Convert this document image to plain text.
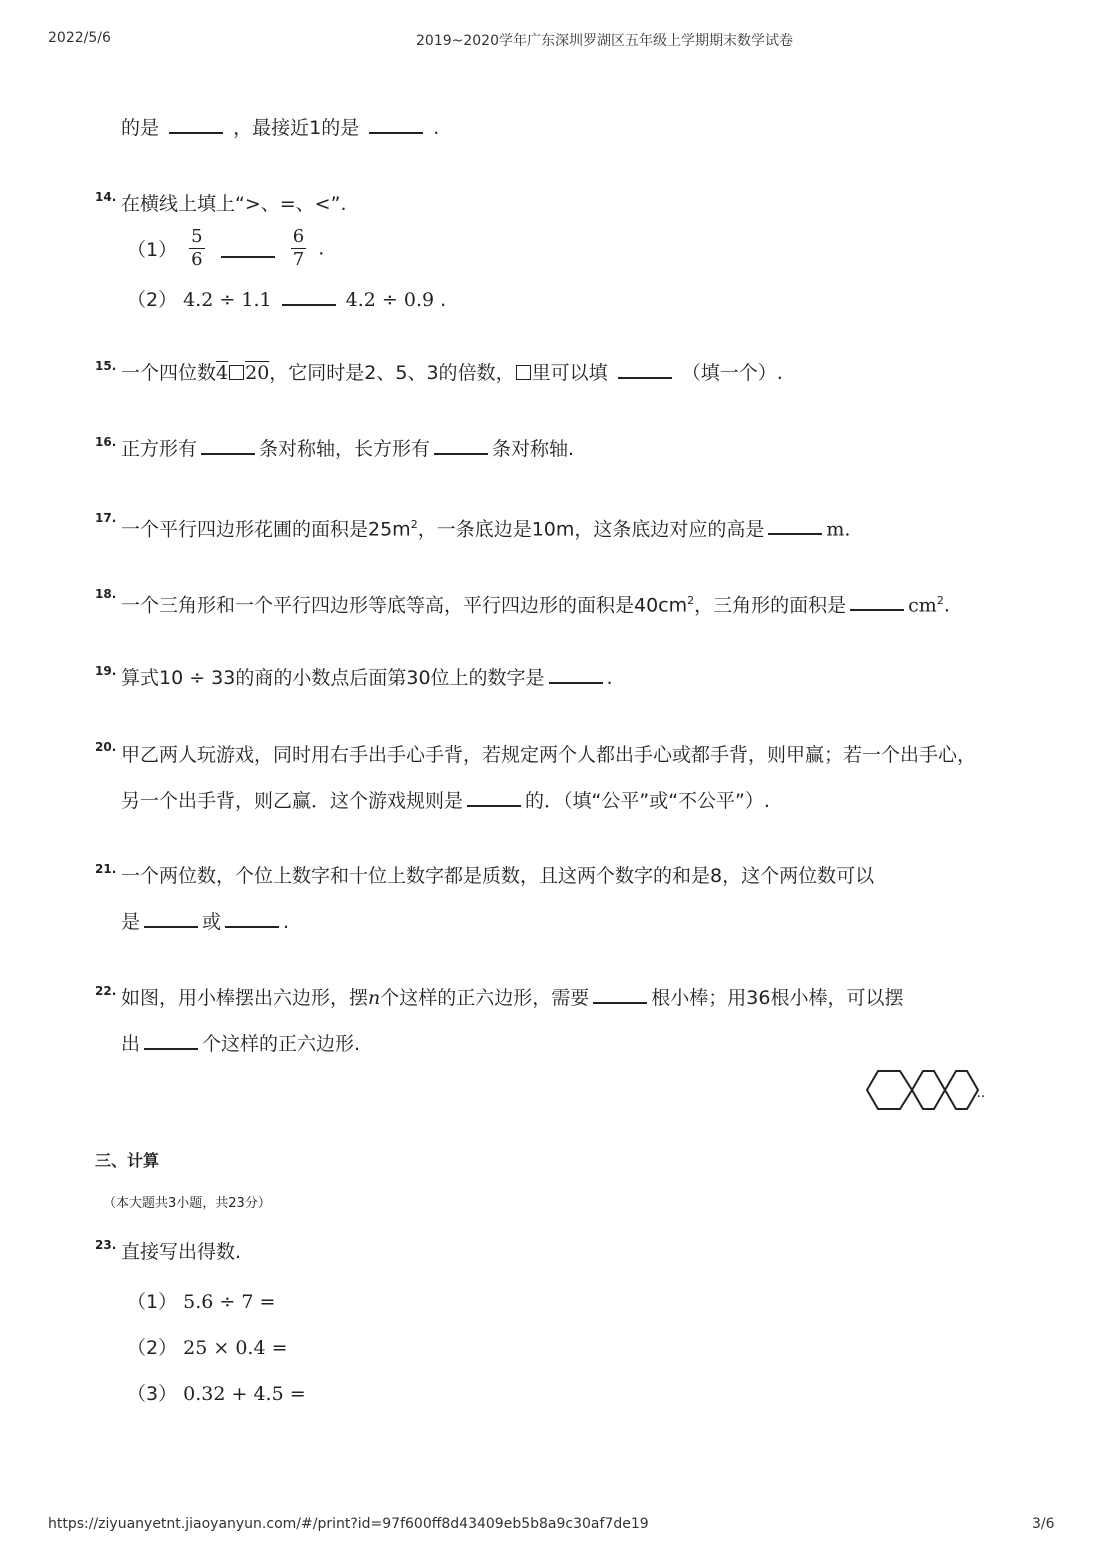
2022/5/6	2019~2020学年广东深圳罗湖区五年级上学期期末数学试卷
的是	，最接近1的是	.
14. 在横线上填上“>、=、<”.
$(1) \frac{5}{6}$
	$\frac{6}{7}$ .
（2） 4.2 ÷ 1.1	4.2 ÷ 0.9 .
15. 一个四位数4 20，它同时是2、5、3的倍数， 里可以填	（填一个）.
16. 正方形有	条对称轴，长方形有	条对称轴.
17.
一个平行四边形花圃的面积是$25m^2$，一条底边是10m，这条底边对应的高是	m.
18.
一个三角形和一个平行四边形等底等高，平行四边形的面积是$40cm^2$，三角形的面积是	$cm^2$.
19. 算式10 ÷ 33的商的小数点后面第30位上的数字是	.
20. 甲乙两人玩游戏，同时用右手出手心手背，若规定两个人都出手心或都手背，则甲赢；若一个出手心，
另一个出手背，则乙赢．这个游戏规则是	的．（填“公平”或“不公平”）.
21. 一个两位数，个位上数字和十位上数字都是质数，且这两个数字的和是8，这个两位数可以
是	或	.
22. 如图，用小棒摆出六边形，摆n个这样的正六边形，需要	根小棒；用36根小棒，可以摆
出	个这样的正六边形.
...
三、计算
（本大题共3小题，共23分）
23. 直接写出得数.
（1） 5.6 ÷ 7 =
（2） 25 × 0.4 =
（3） 0.32 + 4.5 =
https://ziyuanyetnt.jiaoyanyun.com/#/print?id=97f600ff8d43409eb5b8a9c30af7de19	3/6
